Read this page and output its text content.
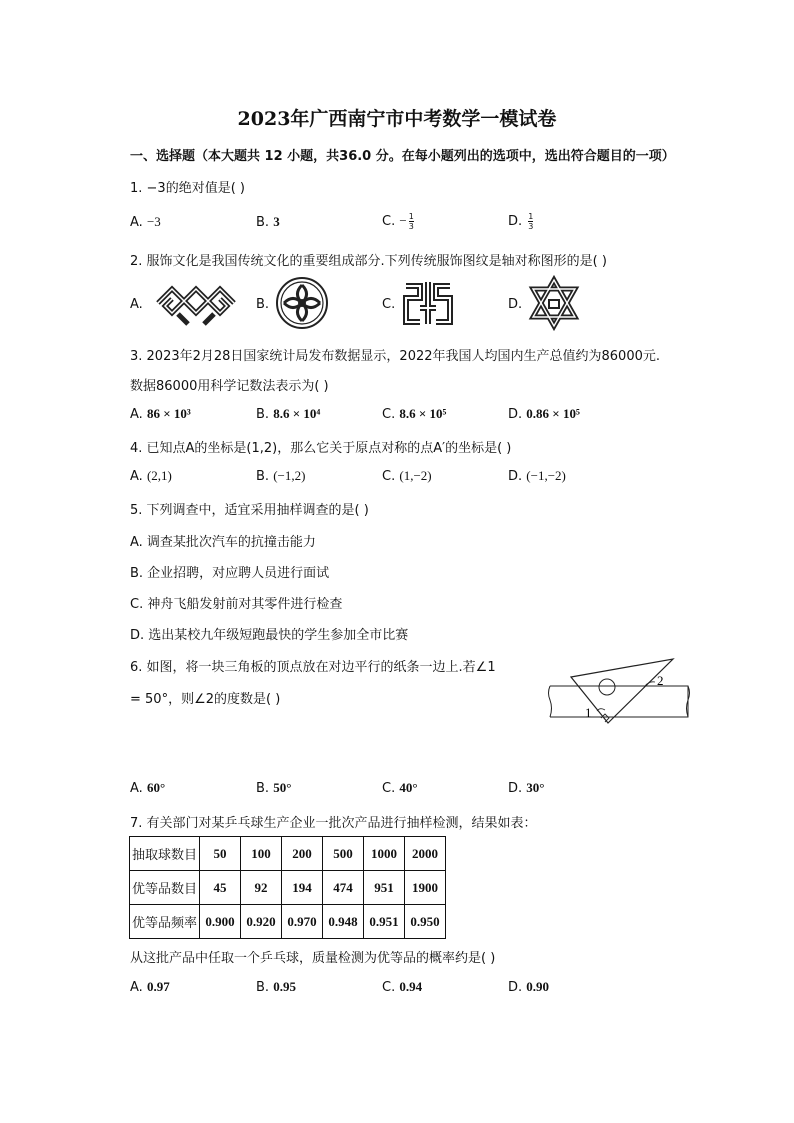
2023年广西南宁市中考数学一模试卷
一、选择题（本大题共 12 小题，共36.0 分。在每小题列出的选项中，选出符合题目的一项）
1. −3的绝对值是( )
A. −3	B. 3	C. − $\frac{1}{3}$	D. $\frac{1}{3}$
2. 服饰文化是我国传统文化的重要组成部分.下列传统服饰图纹是轴对称图形的是( )
A.	B.	C.	D.
3. 2023年2月28日国家统计局发布数据显示，2022年我国人均国内生产总值约为86000元.
数据86000用科学记数法表示为( )
A. 86 × 10³	B. 8.6 × 10⁴	C. 8.6 × 10⁵	D. 0.86 × 10⁵
4. 已知点A的坐标是(1,2)，那么它关于原点对称的点A′的坐标是( )
A. (2,1)	B. (−1,2)	C. (1,−2)	D. (−1,−2)
5. 下列调查中，适宜采用抽样调查的是( )
A. 调查某批次汽车的抗撞击能力
B. 企业招聘，对应聘人员进行面试
C. 神舟飞船发射前对其零件进行检查
D. 选出某校九年级短跑最快的学生参加全市比赛
6. 如图，将一块三角板的顶点放在对边平行的纸条一边上.若∠1
= 50°，则∠2的度数是( )
1
2
A. 60°	B. 50°	C. 40°	D. 30°
7. 有关部门对某乒乓球生产企业一批次产品进行抽样检测，结果如表：
抽取球数目	50	100	200	500	1000	2000
优等品数目	45	92	194	474	951	1900
优等品频率	0.900	0.920	0.970	0.948	0.951	0.950
从这批产品中任取一个乒乓球，质量检测为优等品的概率约是( )
A. 0.97	B. 0.95	C. 0.94	D. 0.90
